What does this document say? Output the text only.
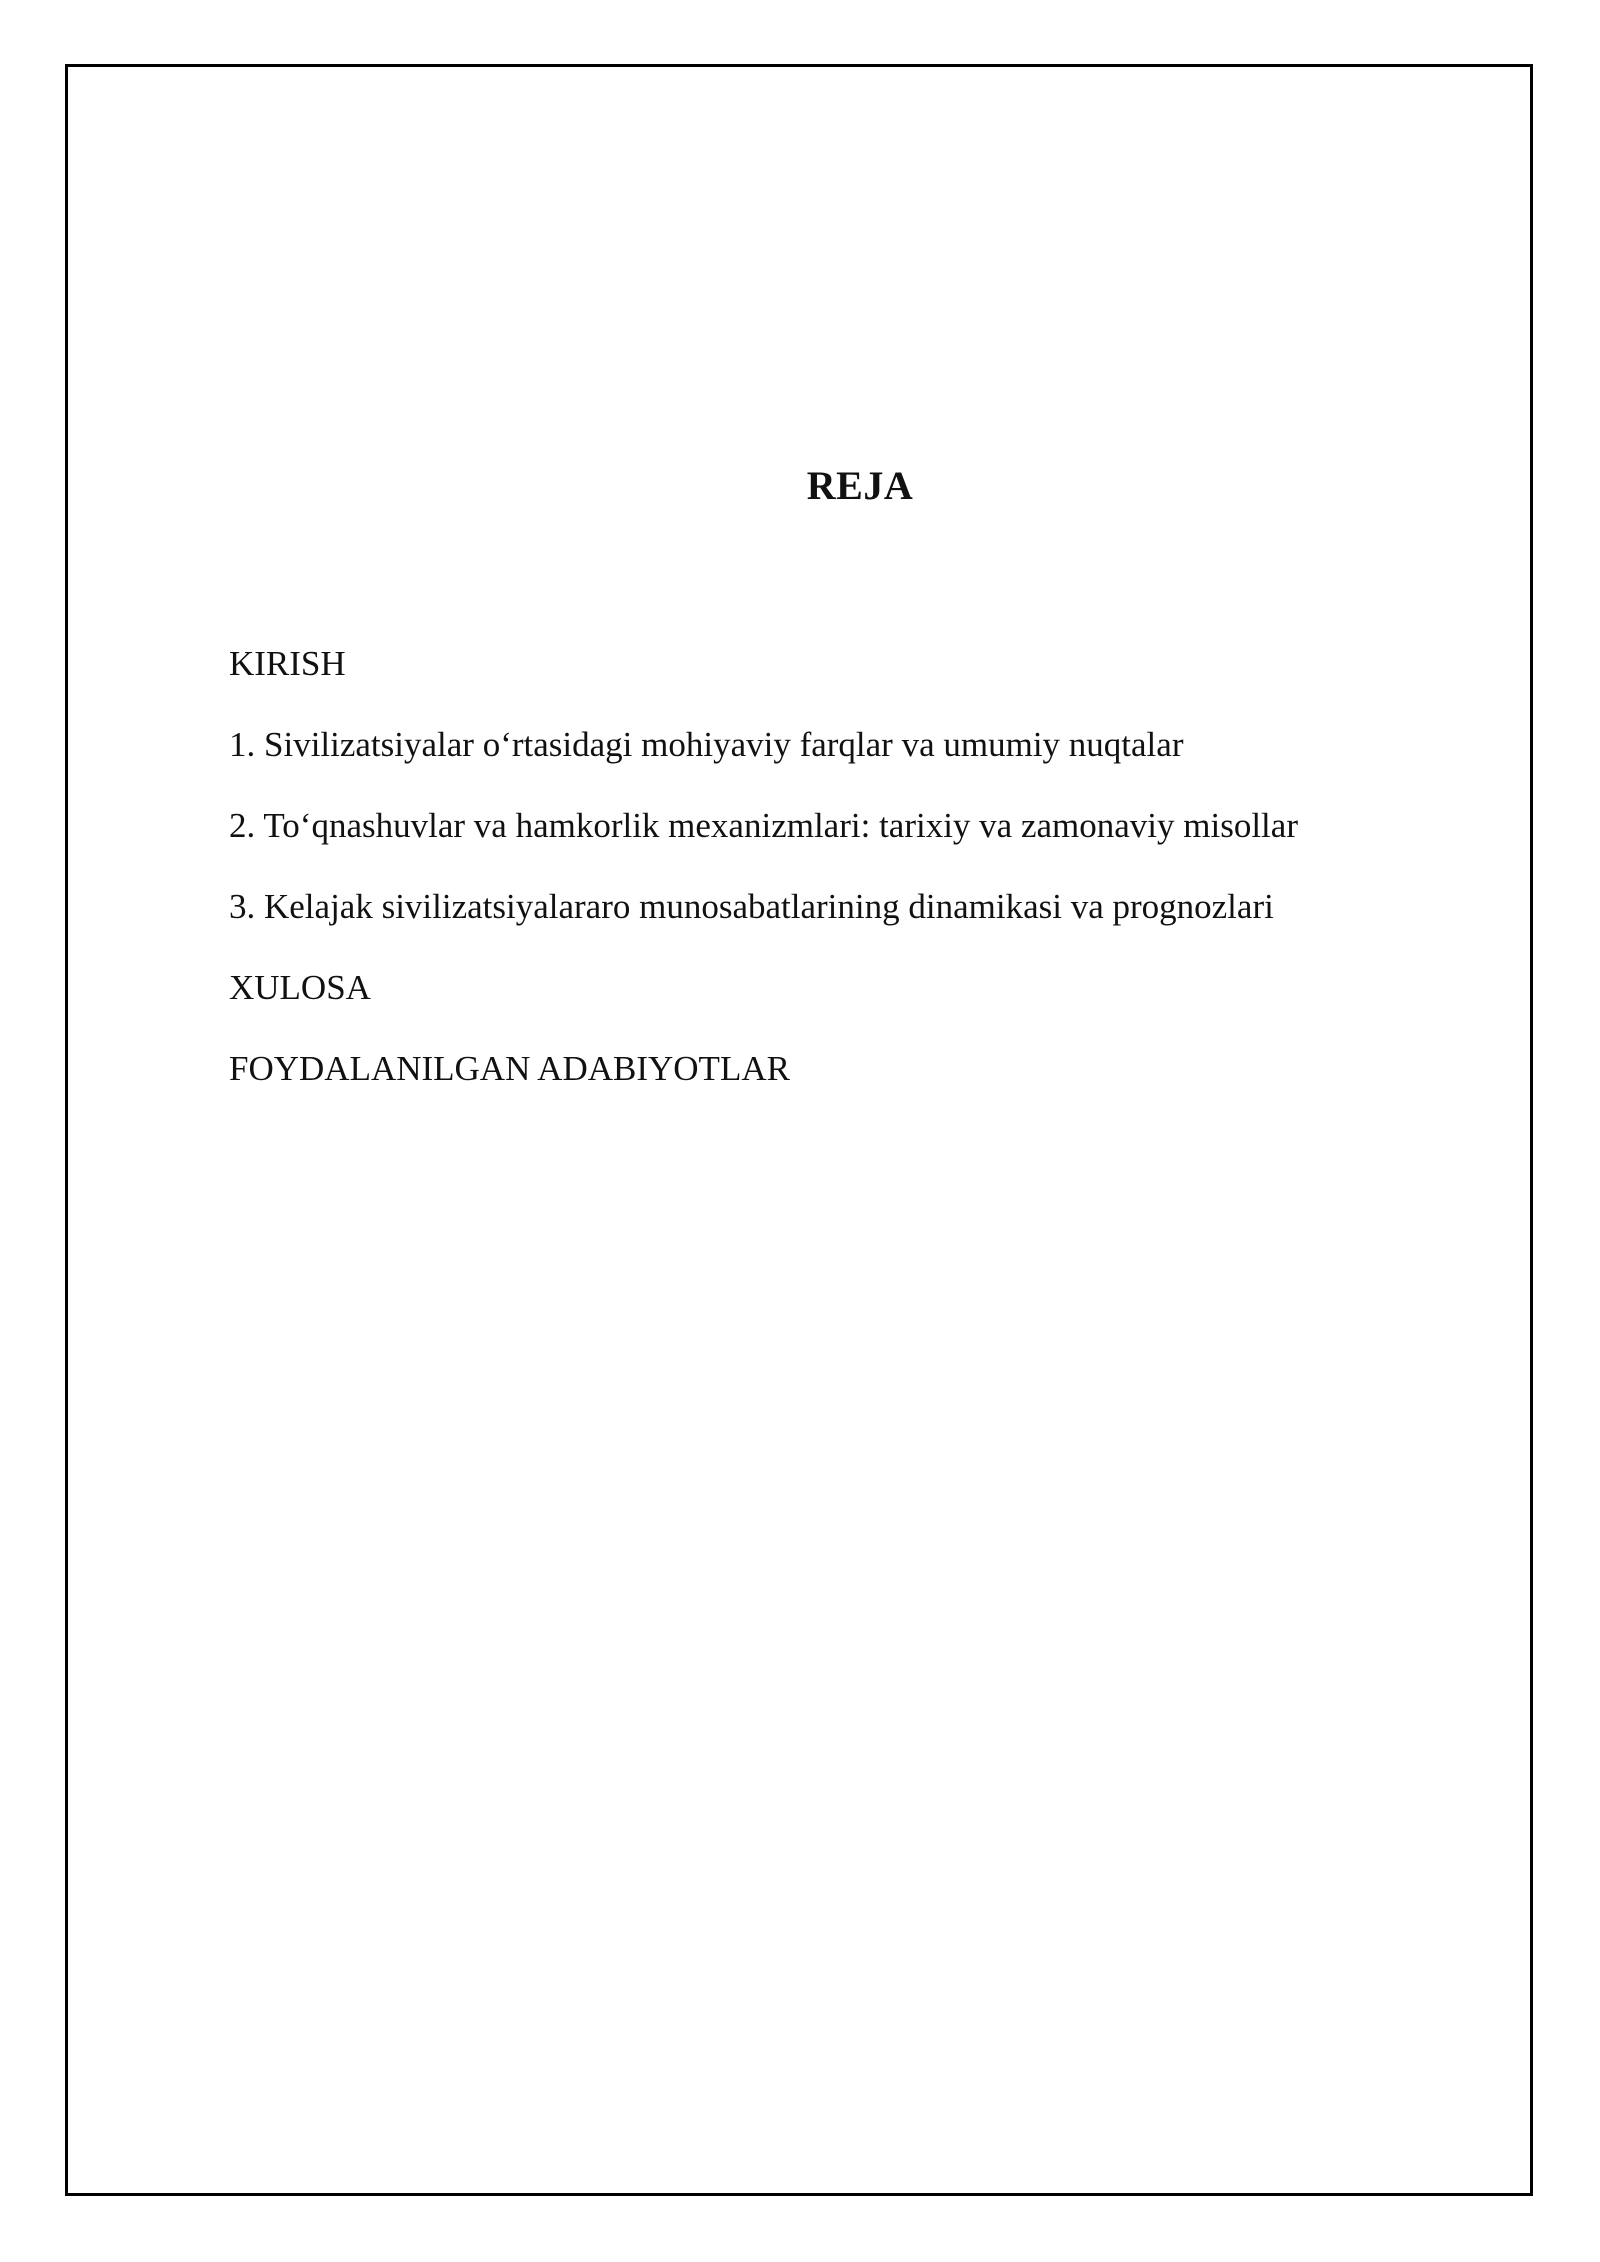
REJA
KIRISH
1. Sivilizatsiyalar o‘rtasidagi mohiyaviy farqlar va umumiy nuqtalar
2. To‘qnashuvlar va hamkorlik mexanizmlari: tarixiy va zamonaviy misollar
3. Kelajak sivilizatsiyalararo munosabatlarining dinamikasi va prognozlari
XULOSA
FOYDALANILGAN ADABIYOTLAR
